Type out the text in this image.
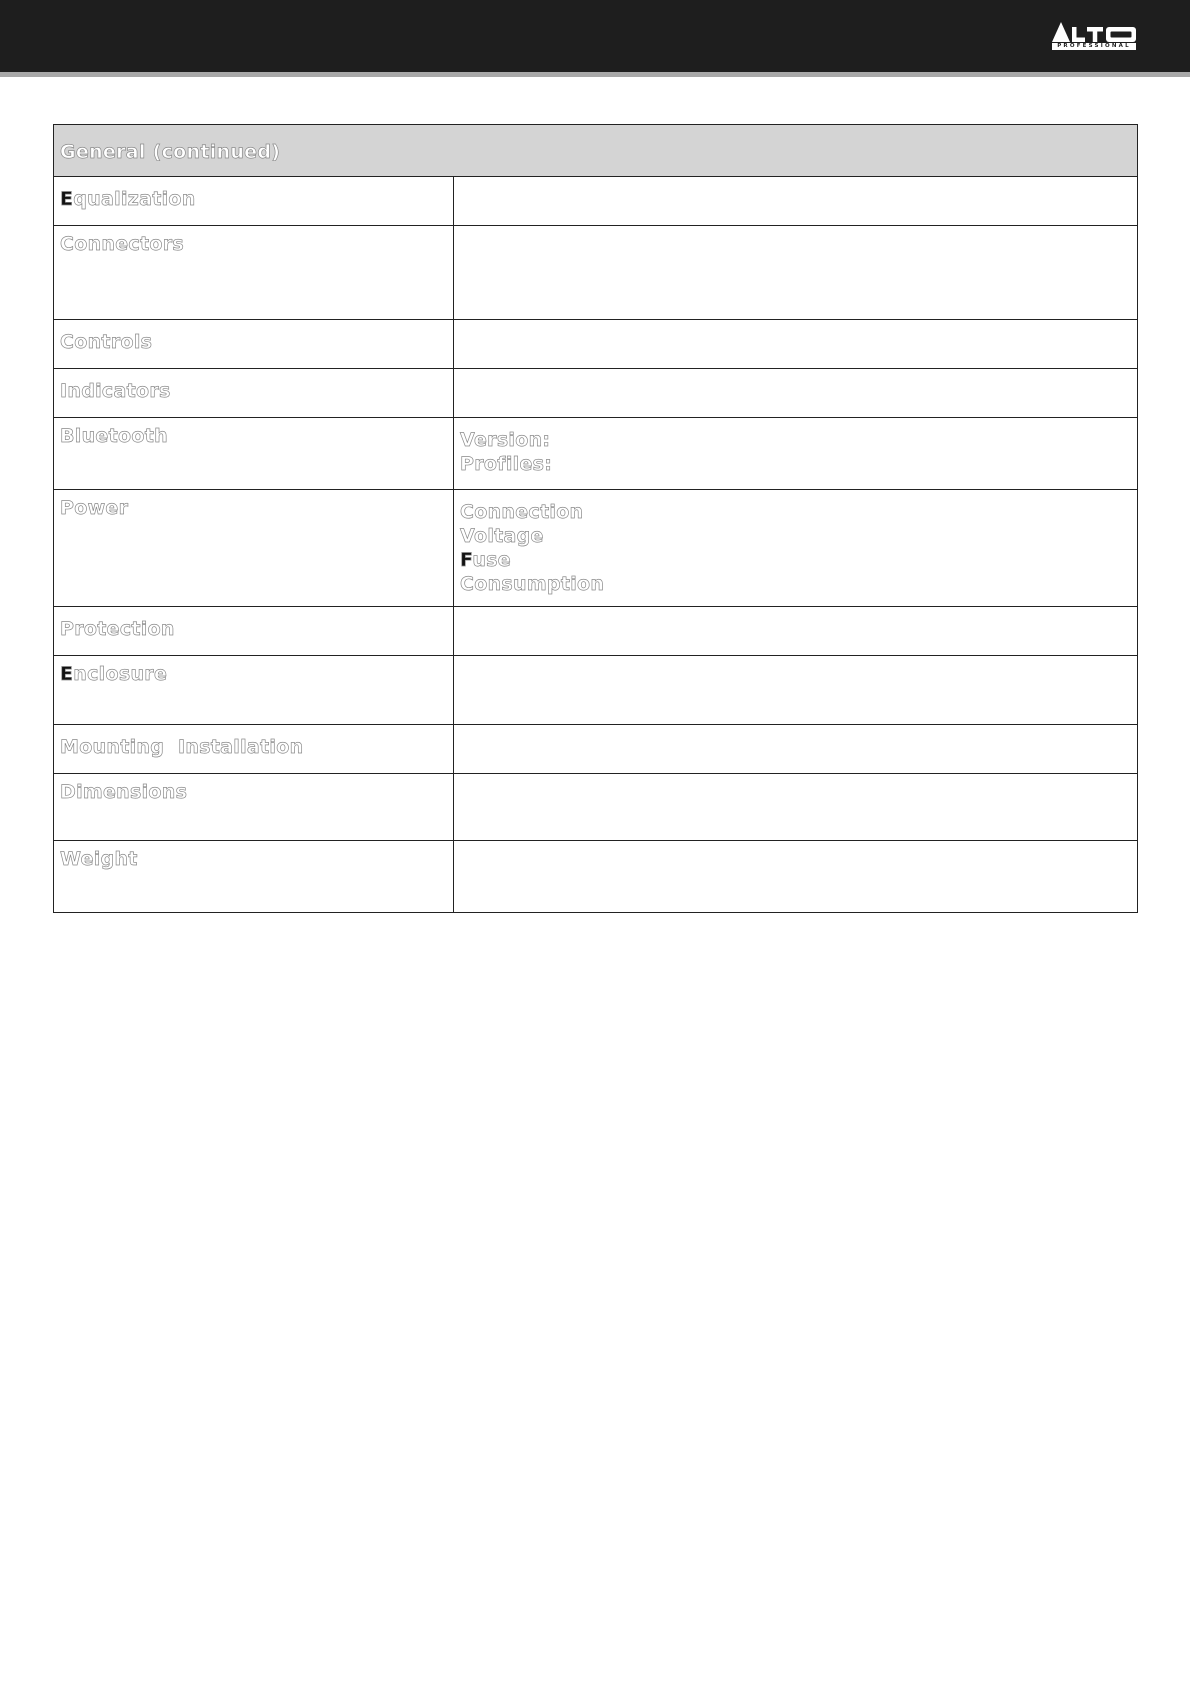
PROFESSIONAL
General (continued)	

Equalization	

Connectors	

Controls	

Indicators	

Bluetooth	Version:
Profiles:

Power	Connection
Voltage
Fuse
Consumption

Protection	

Enclosure	

Mounting  Installation	

Dimensions	

Weight	
